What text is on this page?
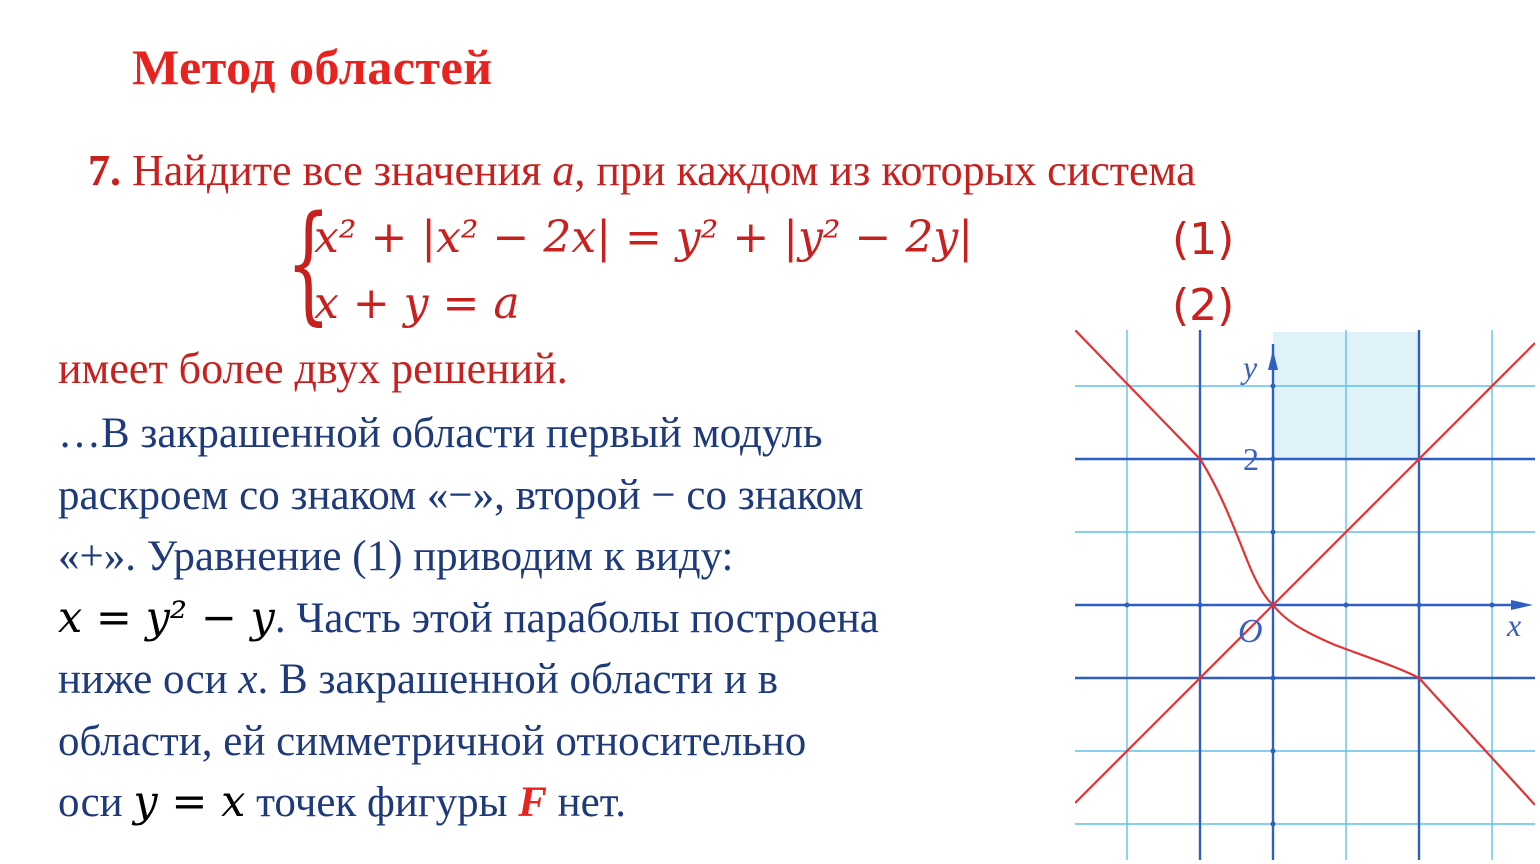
Метод областей
7. Найдите все значения a, при каждом из которых система
{
x² + |x² − 2x| = y² + |y² − 2y|
x + y = a
(1)
(2)
имеет более двух решений.

…В закрашенной области первый модуль

раскроем со знаком «−», второй − со знаком

«+». Уравнение (1) приводим к виду:

x = y² − y. Часть этой параболы построена

ниже оси x. В закрашенной области и в

области, ей симметричной относительно

оси y = x точек фигуры F нет.

y
x
O
2
